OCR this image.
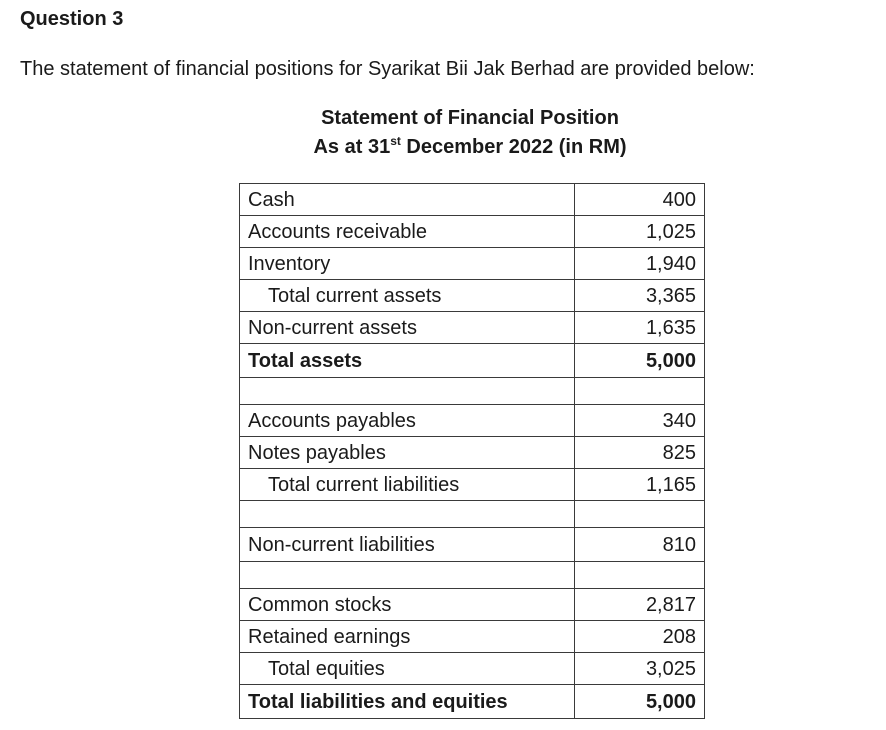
Question 3

The statement of financial positions for Syarikat Bii Jak Berhad are provided below:

Statement of Financial Position

As at 31st December 2022 (in RM)

Cash	400
Accounts receivable	1,025
Inventory	1,940
Total current assets	3,365
Non-current assets	1,635
Total assets	5,000

Accounts payables	340
Notes payables	825
Total current liabilities	1,165

Non-current liabilities	810

Common stocks	2,817
Retained earnings	208
Total equities	3,025
Total liabilities and equities	5,000
